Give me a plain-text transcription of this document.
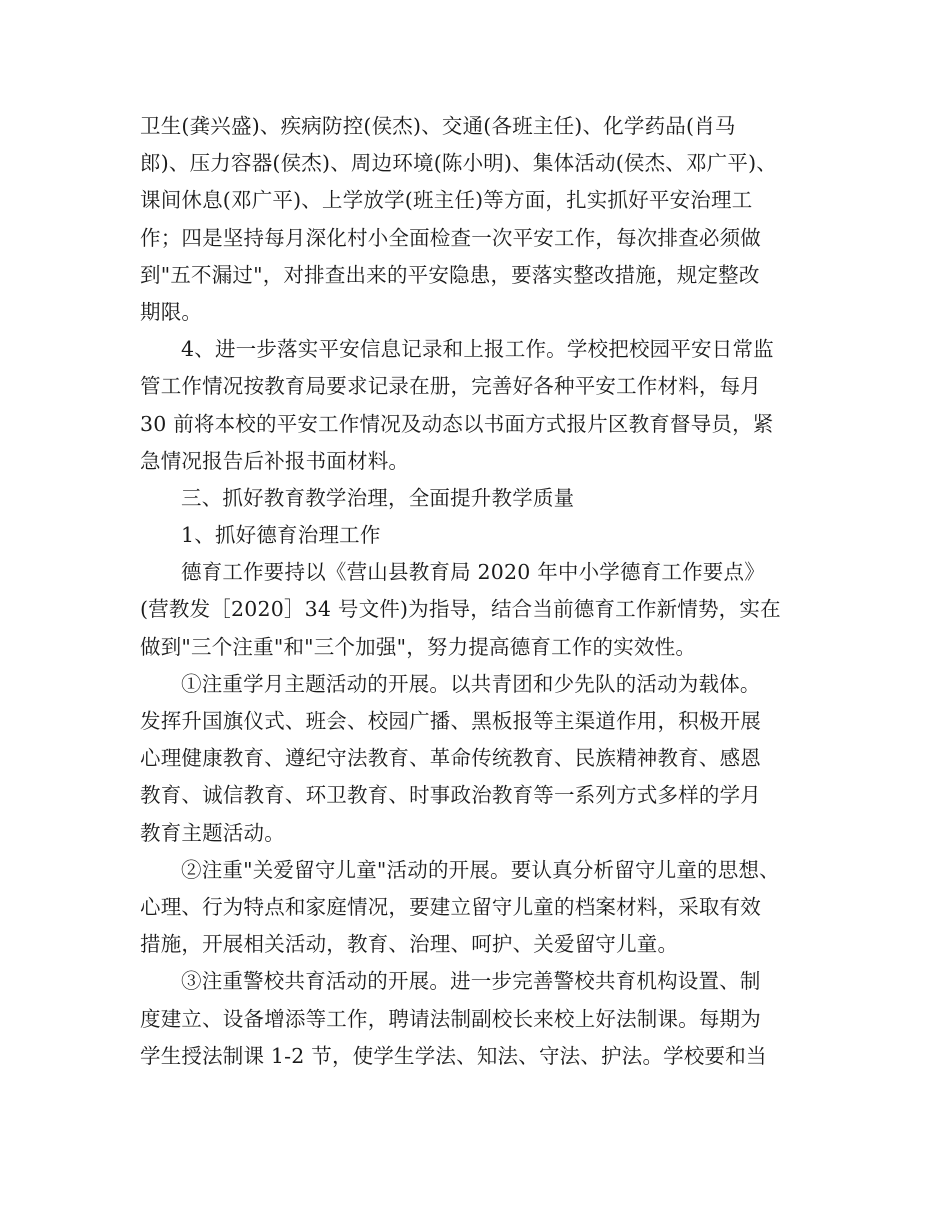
卫生(龚兴盛)、疾病防控(侯杰)、交通(各班主任)、化学药品(肖马
郎)、压力容器(侯杰)、周边环境(陈小明)、集体活动(侯杰、邓广平)、
课间休息(邓广平)、上学放学(班主任)等方面，扎实抓好平安治理工
作；四是坚持每月深化村小全面检查一次平安工作，每次排查必须做
到"五不漏过"，对排查出来的平安隐患，要落实整改措施，规定整改
期限。
4、进一步落实平安信息记录和上报工作。学校把校园平安日常监
管工作情况按教育局要求记录在册，完善好各种平安工作材料，每月
30 前将本校的平安工作情况及动态以书面方式报片区教育督导员，紧
急情况报告后补报书面材料。
三、抓好教育教学治理，全面提升教学质量
1、抓好德育治理工作
德育工作要持以《营山县教育局 2020 年中小学德育工作要点》
(营教发［2020］34 号文件)为指导，结合当前德育工作新情势，实在
做到"三个注重"和"三个加强"，努力提高德育工作的实效性。
①注重学月主题活动的开展。以共青团和少先队的活动为载体。
发挥升国旗仪式、班会、校园广播、黑板报等主渠道作用，积极开展
心理健康教育、遵纪守法教育、革命传统教育、民族精神教育、感恩
教育、诚信教育、环卫教育、时事政治教育等一系列方式多样的学月
教育主题活动。
②注重"关爱留守儿童"活动的开展。要认真分析留守儿童的思想、
心理、行为特点和家庭情况，要建立留守儿童的档案材料，采取有效
措施，开展相关活动，教育、治理、呵护、关爱留守儿童。
③注重警校共育活动的开展。进一步完善警校共育机构设置、制
度建立、设备增添等工作，聘请法制副校长来校上好法制课。每期为
学生授法制课 1-2 节，使学生学法、知法、守法、护法。学校要和当
